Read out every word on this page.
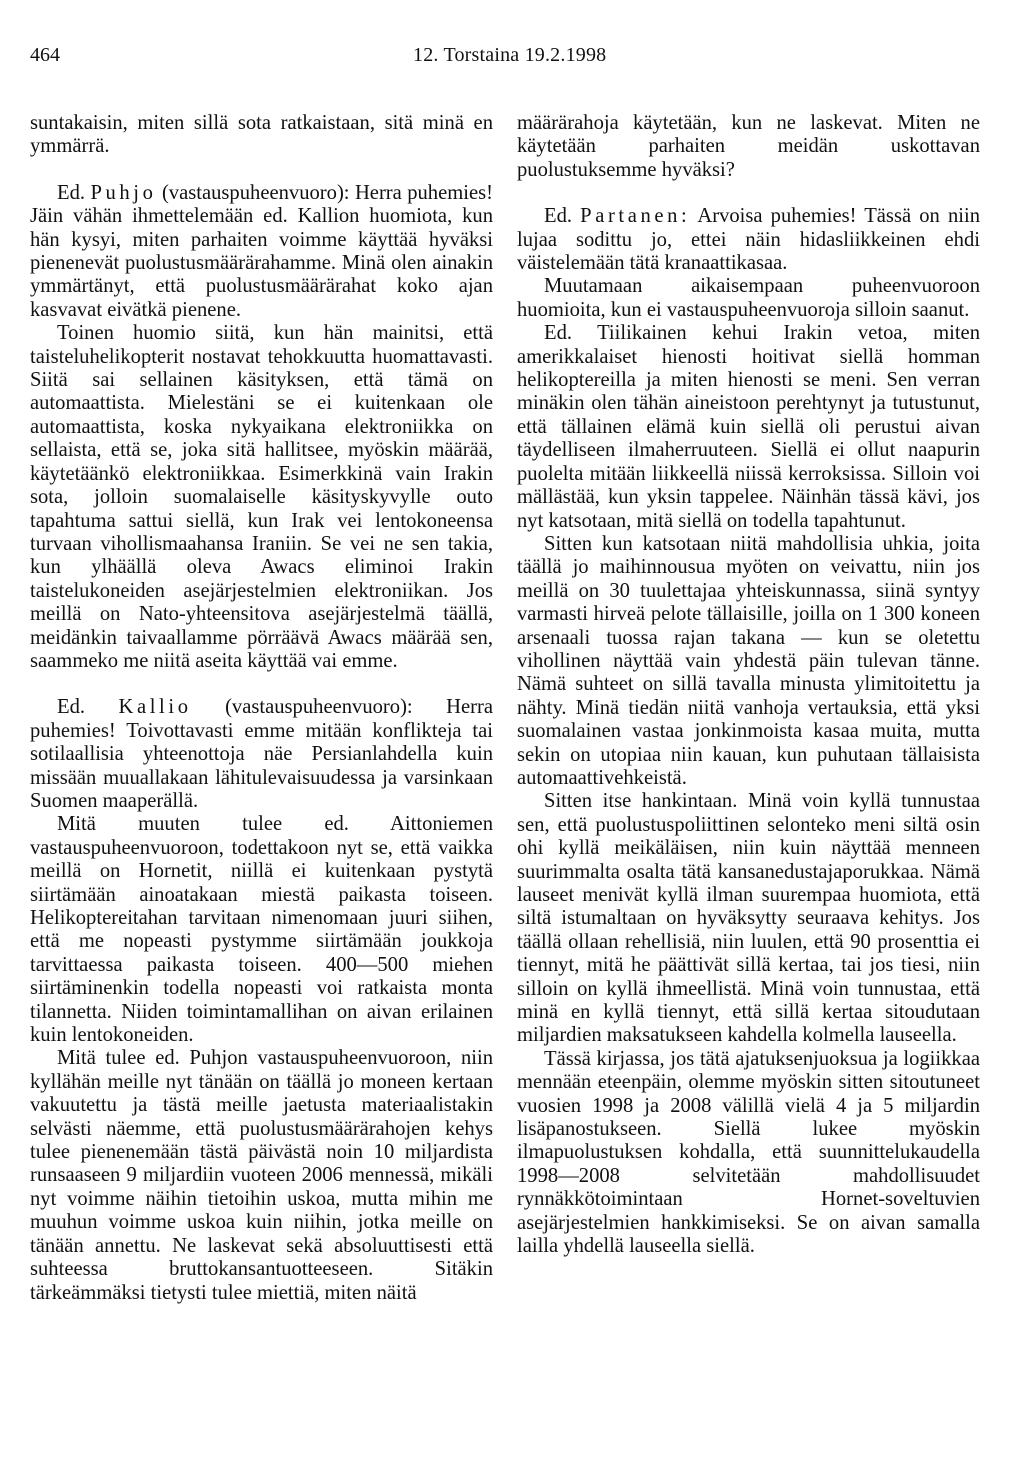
464	12. Torstaina 19.2.1998

suntakaisin, miten sillä sota ratkaistaan, sitä minä en ymmärrä.

Ed. Puhjo (vastauspuheenvuoro): Herra puhemies! Jäin vähän ihmettelemään ed. Kallion huomiota, kun hän kysyi, miten parhaiten voimme käyttää hyväksi pienenevät puolustusmäärärahamme. Minä olen ainakin ymmärtänyt, että puolustusmäärärahat koko ajan kasvavat eivätkä pienene.

Toinen huomio siitä, kun hän mainitsi, että taisteluhelikopterit nostavat tehokkuutta huomattavasti. Siitä sai sellainen käsityksen, että tämä on automaattista. Mielestäni se ei kuitenkaan ole automaattista, koska nykyaikana elektroniikka on sellaista, että se, joka sitä hallitsee, myöskin määrää, käytetäänkö elektroniikkaa. Esimerkkinä vain Irakin sota, jolloin suomalaiselle käsityskyvylle outo tapahtuma sattui siellä, kun Irak vei lentokoneensa turvaan vihollismaahansa Iraniin. Se vei ne sen takia, kun ylhäällä oleva Awacs eliminoi Irakin taistelukoneiden asejärjestelmien elektroniikan. Jos meillä on Nato-yhteensitova asejärjestelmä täällä, meidänkin taivaallamme pörräävä Awacs määrää sen, saammeko me niitä aseita käyttää vai emme.

Ed. Kallio (vastauspuheenvuoro): Herra puhemies! Toivottavasti emme mitään konflikteja tai sotilaallisia yhteenottoja näe Persianlahdella kuin missään muuallakaan lähitulevaisuudessa ja varsinkaan Suomen maaperällä.

Mitä muuten tulee ed. Aittoniemen vastauspuheenvuoroon, todettakoon nyt se, että vaikka meillä on Hornetit, niillä ei kuitenkaan pystytä siirtämään ainoatakaan miestä paikasta toiseen. Helikoptereitahan tarvitaan nimenomaan juuri siihen, että me nopeasti pystymme siirtämään joukkoja tarvittaessa paikasta toiseen. 400—500 miehen siirtäminenkin todella nopeasti voi ratkaista monta tilannetta. Niiden toimintamallihan on aivan erilainen kuin lentokoneiden.

Mitä tulee ed. Puhjon vastauspuheenvuoroon, niin kyllähän meille nyt tänään on täällä jo moneen kertaan vakuutettu ja tästä meille jaetusta materiaalistakin selvästi näemme, että puolustusmäärärahojen kehys tulee pienenemään tästä päivästä noin 10 miljardista runsaaseen 9 miljardiin vuoteen 2006 mennessä, mikäli nyt voimme näihin tietoihin uskoa, mutta mihin me muuhun voimme uskoa kuin niihin, jotka meille on tänään annettu. Ne laskevat sekä absoluuttisesti että suhteessa bruttokansantuotteeseen. Sitäkin tärkeämmäksi tietysti tulee miettiä, miten näitä

määrärahoja käytetään, kun ne laskevat. Miten ne käytetään parhaiten meidän uskottavan puolustuksemme hyväksi?

Ed. Partanen: Arvoisa puhemies! Tässä on niin lujaa sodittu jo, ettei näin hidasliikkeinen ehdi väistelemään tätä kranaattikasaa.

Muutamaan aikaisempaan puheenvuoroon huomioita, kun ei vastauspuheenvuoroja silloin saanut.

Ed. Tiilikainen kehui Irakin vetoa, miten amerikkalaiset hienosti hoitivat siellä homman helikoptereilla ja miten hienosti se meni. Sen verran minäkin olen tähän aineistoon perehtynyt ja tutustunut, että tällainen elämä kuin siellä oli perustui aivan täydelliseen ilmaherruuteen. Siellä ei ollut naapurin puolelta mitään liikkeellä niissä kerroksissa. Silloin voi mällästää, kun yksin tappelee. Näinhän tässä kävi, jos nyt katsotaan, mitä siellä on todella tapahtunut.

Sitten kun katsotaan niitä mahdollisia uhkia, joita täällä jo maihinnousua myöten on veivattu, niin jos meillä on 30 tuulettajaa yhteiskunnassa, siinä syntyy varmasti hirveä pelote tällaisille, joilla on 1 300 koneen arsenaali tuossa rajan takana — kun se oletettu vihollinen näyttää vain yhdestä päin tulevan tänne. Nämä suhteet on sillä tavalla minusta ylimitoitettu ja nähty. Minä tiedän niitä vanhoja vertauksia, että yksi suomalainen vastaa jonkinmoista kasaa muita, mutta sekin on utopiaa niin kauan, kun puhutaan tällaisista automaattivehkeistä.

Sitten itse hankintaan. Minä voin kyllä tunnustaa sen, että puolustuspoliittinen selonteko meni siltä osin ohi kyllä meikäläisen, niin kuin näyttää menneen suurimmalta osalta tätä kansanedustajaporukkaa. Nämä lauseet menivät kyllä ilman suurempaa huomiota, että siltä istumaltaan on hyväksytty seuraava kehitys. Jos täällä ollaan rehellisiä, niin luulen, että 90 prosenttia ei tiennyt, mitä he päättivät sillä kertaa, tai jos tiesi, niin silloin on kyllä ihmeellistä. Minä voin tunnustaa, että minä en kyllä tiennyt, että sillä kertaa sitoudutaan miljardien maksatukseen kahdella kolmella lauseella.

Tässä kirjassa, jos tätä ajatuksenjuoksua ja logiikkaa mennään eteenpäin, olemme myöskin sitten sitoutuneet vuosien 1998 ja 2008 välillä vielä 4 ja 5 miljardin lisäpanostukseen. Siellä lukee myöskin ilmapuolustuksen kohdalla, että suunnittelukaudella 1998—2008 selvitetään mahdollisuudet rynnäkkötoimintaan Hornet-soveltuvien asejärjestelmien hankkimiseksi. Se on aivan samalla lailla yhdellä lauseella siellä.
